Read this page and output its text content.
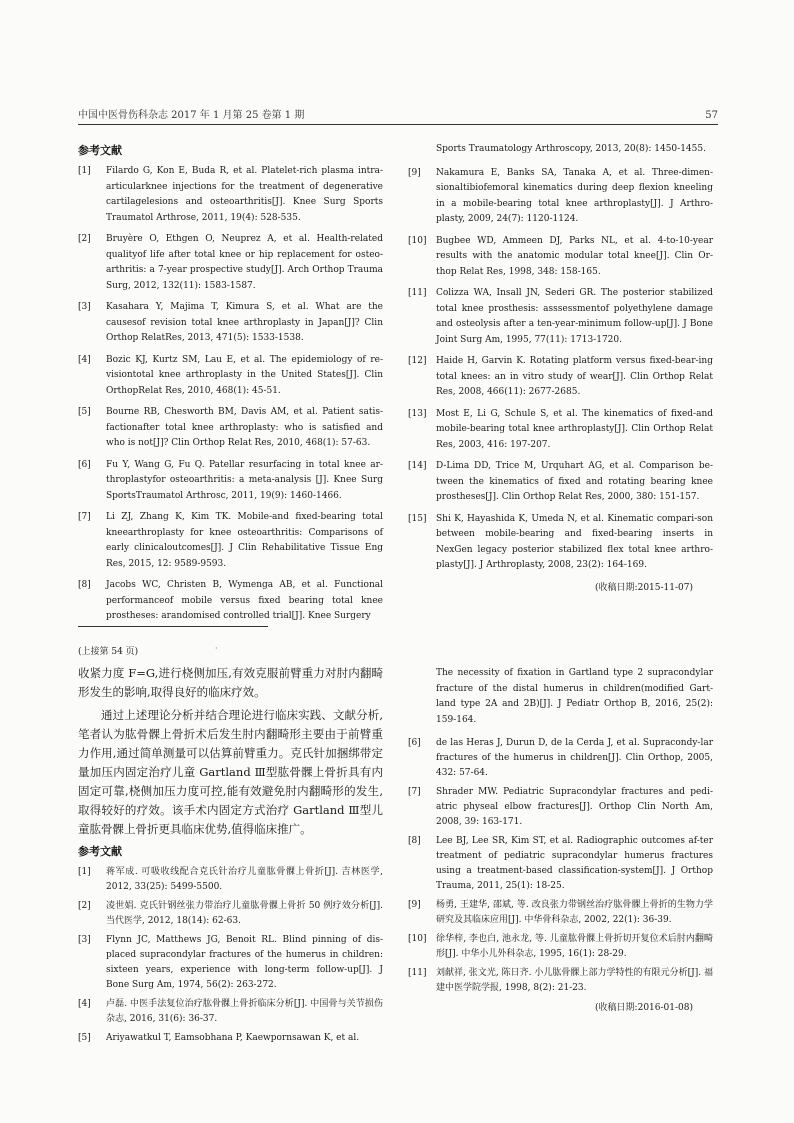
中国中医骨伤科杂志 2017 年 1 月第 25 卷第 1 期	57
参考文献
[1]	Filardo G, Kon E, Buda R, et al. Platelet-rich plasma intra-articularknee injections for the treatment of degenerative cartilagelesions and osteoarthritis[J]. Knee Surg Sports Traumatol Arthrose, 2011, 19(4): 528-535.
[2]	Bruyère O, Ethgen O, Neuprez A, et al. Health-related qualityof life after total knee or hip replacement for osteo-arthritis: a 7-year prospective study[J]. Arch Orthop Trauma Surg, 2012, 132(11): 1583-1587.
[3]	Kasahara Y, Majima T, Kimura S, et al. What are the causesof revision total knee arthroplasty in Japan[J]? Clin Orthop RelatRes, 2013, 471(5): 1533-1538.
[4]	Bozic KJ, Kurtz SM, Lau E, et al. The epidemiology of re-visiontotal knee arthroplasty in the United States[J]. Clin OrthopRelat Res, 2010, 468(1): 45-51.
[5]	Bourne RB, Chesworth BM, Davis AM, et al. Patient satis-factionafter total knee arthroplasty: who is satisfied and who is not[J]? Clin Orthop Relat Res, 2010, 468(1): 57-63.
[6]	Fu Y, Wang G, Fu Q. Patellar resurfacing in total knee ar-throplastyfor osteoarthritis: a meta-analysis [J]. Knee Surg SportsTraumatol Arthrosc, 2011, 19(9): 1460-1466.
[7]	Li ZJ, Zhang K, Kim TK. Mobile-and fixed-bearing total kneearthroplasty for knee osteoarthritis: Comparisons of early clinicaloutcomes[J]. J Clin Rehabilitative Tissue Eng Res, 2015, 12: 9589-9593.
[8]	Jacobs WC, Christen B, Wymenga AB, et al. Functional performanceof mobile versus fixed bearing total knee prostheses: arandomised controlled trial[J]. Knee Surgery
Sports Traumatology Arthroscopy, 2013, 20(8): 1450-1455.
[9]	Nakamura E, Banks SA, Tanaka A, et al. Three-dimen-sionaltibiofemoral kinematics during deep flexion kneeling in a mobile-bearing total knee arthroplasty[J]. J Arthro-plasty, 2009, 24(7): 1120-1124.
[10]	Bugbee WD, Ammeen DJ, Parks NL, et al. 4-to-10-year results with the anatomic modular total knee[J]. Clin Or-thop Relat Res, 1998, 348: 158-165.
[11]	Colizza WA, Insall JN, Sederi GR. The posterior stabilized total knee prosthesis: asssessmentof polyethylene damage and osteolysis after a ten-year-minimum follow-up[J]. J Bone Joint Surg Am, 1995, 77(11): 1713-1720.
[12]	Haide H, Garvin K. Rotating platform versus fixed-bear-ing total knees: an in vitro study of wear[J]. Clin Orthop Relat Res, 2008, 466(11): 2677-2685.
[13]	Most E, Li G, Schule S, et al. The kinematics of fixed-and mobile-bearing total knee arthroplasty[J]. Clin Orthop Relat Res, 2003, 416: 197-207.
[14]	D-Lima DD, Trice M, Urquhart AG, et al. Comparison be-tween the kinematics of fixed and rotating bearing knee prostheses[J]. Clin Orthop Relat Res, 2000, 380: 151-157.
[15]	Shi K, Hayashida K, Umeda N, et al. Kinematic compari-son between mobile-bearing and fixed-bearing inserts in NexGen legacy posterior stabilized flex total knee arthro-plasty[J]. J Arthroplasty, 2008, 23(2): 164-169.
(收稿日期:2015-11-07)
(上接第 54 页)	·

收紧力度 F=G,进行桡侧加压,有效克服前臂重力对肘内翻畸形发生的影响,取得良好的临床疗效。

通过上述理论分析并结合理论进行临床实践、文献分析,笔者认为肱骨髁上骨折术后发生肘内翻畸形主要由于前臂重力作用,通过简单测量可以估算前臂重力。克氏针加捆绑带定量加压内固定治疗儿童 Gartland Ⅲ型肱骨髁上骨折具有内固定可靠,桡侧加压力度可控,能有效避免肘内翻畸形的发生,取得较好的疗效。该手术内固定方式治疗 Gartland Ⅲ型儿童肱骨髁上骨折更具临床优势,值得临床推广。

参考文献
[1]	蒋军成. 可吸收线配合克氏针治疗儿童肱骨髁上骨折[J]. 吉林医学, 2012, 33(25): 5499-5500.
[2]	凌世娟. 克氏针钢丝张力带治疗儿童肱骨髁上骨折 50 例疗效分析[J]. 当代医学, 2012, 18(14): 62-63.
[3]	Flynn JC, Matthews JG, Benoit RL. Blind pinning of dis-placed supracondylar fractures of the humerus in children: sixteen years, experience with long-term follow-up[J]. J Bone Surg Am, 1974, 56(2): 263-272.
[4]	卢磊. 中医手法复位治疗肱骨髁上骨折临床分析[J]. 中国骨与关节损伤杂志, 2016, 31(6): 36-37.
[5]	Ariyawatkul T, Eamsobhana P, Kaewpornsawan K, et al.
The necessity of fixation in Gartland type 2 supracondylar fracture of the distal humerus in children(modified Gart-land type 2A and 2B)[J]. J Pediatr Orthop B, 2016, 25(2): 159-164.
[6]	de las Heras J, Durun D, de la Cerda J, et al. Supracondy-lar fractures of the humerus in children[J]. Clin Orthop, 2005, 432: 57-64.
[7]	Shrader MW. Pediatric Supracondylar fractures and pedi-atric physeal elbow fractures[J]. Orthop Clin North Am, 2008, 39: 163-171.
[8]	Lee BJ, Lee SR, Kim ST, et al. Radiographic outcomes af-ter treatment of pediatric supracondylar humerus fractures using a treatment-based classification-system[J]. J Orthop Trauma, 2011, 25(1): 18-25.
[9]	杨勇, 王建华, 邵斌, 等. 改良张力带钢丝治疗肱骨髁上骨折的生物力学研究及其临床应用[J]. 中华骨科杂志, 2002, 22(1): 36-39.
[10]	徐华梓, 李也白, 池永龙, 等. 儿童肱骨髁上骨折切开复位术后肘内翻畸形[J]. 中华小儿外科杂志, 1995, 16(1): 28-29.
[11]	刘献祥, 张文光, 陈日齐. 小儿肱骨髁上部力学特性的有限元分析[J]. 福建中医学院学报, 1998, 8(2): 21-23.
(收稿日期:2016-01-08)
